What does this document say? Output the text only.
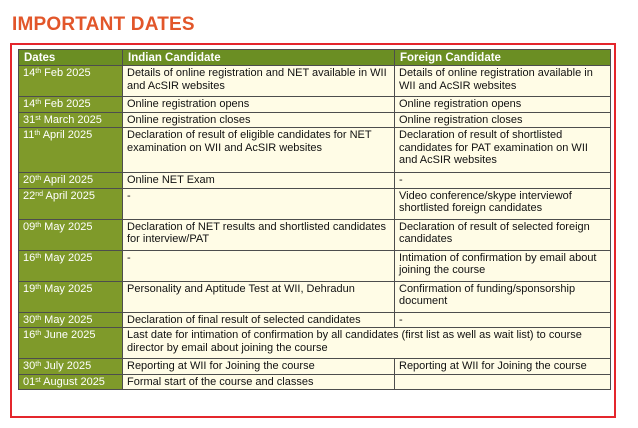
IMPORTANT DATES
Dates	Indian Candidate	Foreign Candidate
14th Feb 2025	Details of online registration and NET available in WII and AcSIR websites	Details of online registration available in WII and AcSIR websites
14th Feb 2025	Online registration opens	Online registration opens
31st March 2025	Online registration closes	Online registration closes
11th April 2025	Declaration of result of eligible candidates for NET examination on WII and AcSIR websites	Declaration of result of shortlisted candidates for PAT examination on WII and AcSIR websites
20th April 2025	Online NET Exam	-
22nd April 2025	-	Video conference/skype interviewof shortlisted foreign candidates
09th May 2025	Declaration of NET results and shortlisted candidates for interview/PAT	Declaration of result of selected foreign candidates
16th May 2025	-	Intimation of confirmation by email about joining the course
19th May 2025	Personality and Aptitude Test at WII, Dehradun	Confirmation of funding/sponsorship document
30th May 2025	Declaration of final result of selected candidates	-
16th June 2025	Last date for intimation of confirmation by all candidates (first list as well as wait list) to course director by email about joining the course	
30th July 2025	Reporting at WII for Joining the course	Reporting at WII for Joining the course
01st August 2025	Formal start of the course and classes	
